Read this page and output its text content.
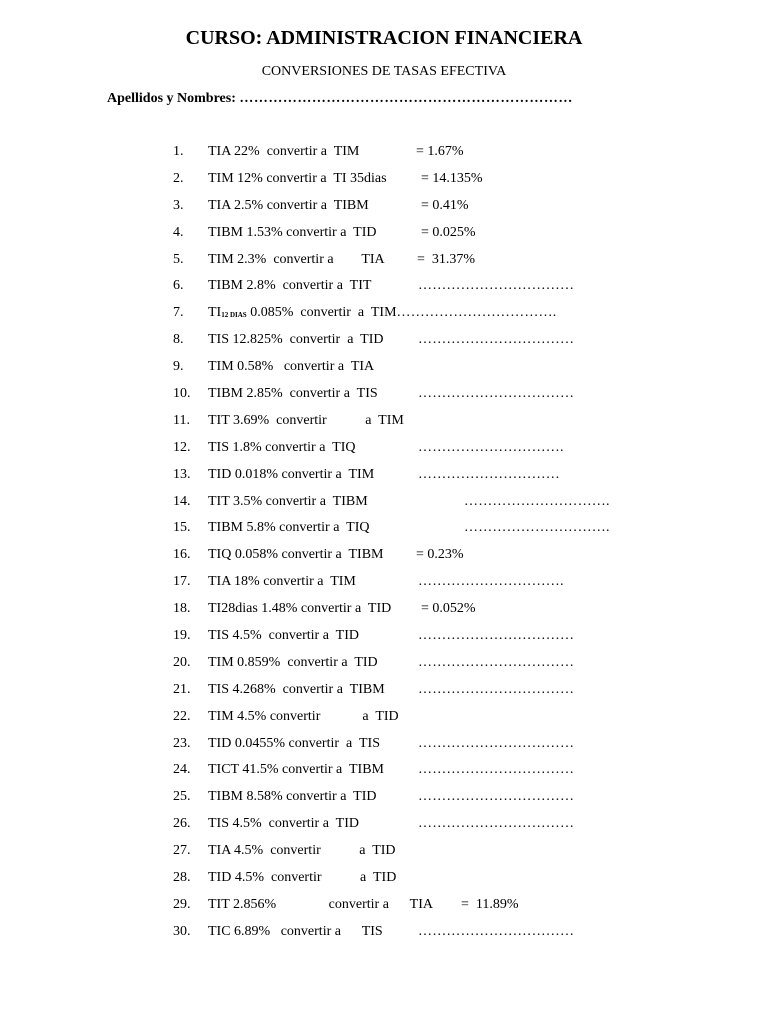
CURSO: ADMINISTRACION FINANCIERA
CONVERSIONES DE TASAS EFECTIVA
Apellidos y Nombres: ……………………………………………………………
1.	TIA 22%  convertir a  TIM	= 1.67%
2.	TIM 12% convertir a  TI 35dias = 14.135%
3.	TIA 2.5% convertir a  TIBM	= 0.41%
4.	TIBM 1.53% convertir a  TID	= 0.025%
5.	TIM 2.3%  convertir a        TIA =  31.37%
6.	TIBM 2.8%  convertir a  TIT	……………………………
7.	$TI_{12 DIAS}$ 0.085%  convertir  a  TIM…………………………….
8.	TIS 12.825%  convertir  a  TID ……………………………
9.	TIM 0.58%   convertir a  TIA
10.	TIBM 2.85%  convertir a  TIS	……………………………
11.	TIT 3.69%  convertir           a  TIM
12.	TIS 1.8% convertir a  TIQ	………………………….
13.	TID 0.018% convertir a  TIM	…………………………
14.	TIT 3.5% convertir a  TIBM	………………………….
15.	TIBM 5.8% convertir a  TIQ	………………………….
16.	TIQ 0.058% convertir a  TIBM = 0.23%
17.	TIA 18% convertir a  TIM	………………………….
18.	TI28dias 1.48% convertir a  TID = 0.052%
19.	TIS 4.5%  convertir a  TID	……………………………
20.	TIM 0.859%  convertir a  TID	……………………………
21.	TIS 4.268%  convertir a  TIBM ……………………………
22.	TIM 4.5% convertir            a  TID
23.	TID 0.0455% convertir  a  TIS	……………………………
24.	TICT 41.5% convertir a  TIBM ……………………………
25.	TIBM 8.58% convertir a  TID	……………………………
26.	TIS 4.5%  convertir a  TID	……………………………
27.	TIA 4.5%  convertir           a  TID
28.	TID 4.5%  convertir           a  TID
29.	TIT 2.856%               convertir a      TIA =  11.89%
30.	TIC 6.89%   convertir a      TIS	……………………………
